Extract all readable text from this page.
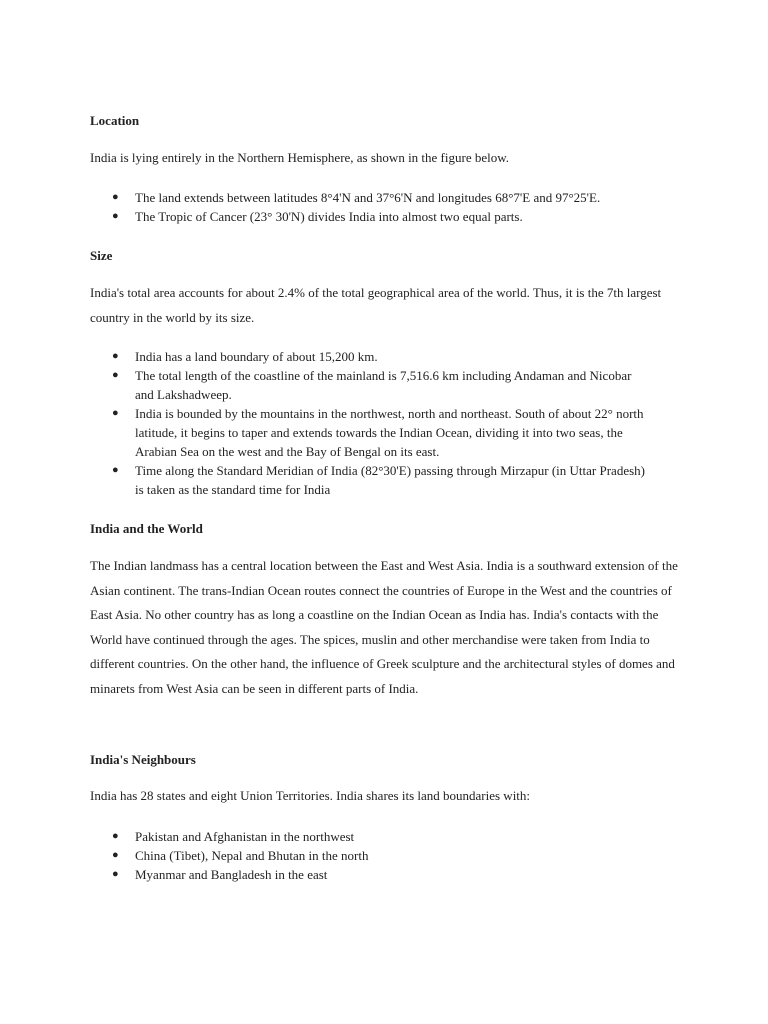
Location
India is lying entirely in the Northern Hemisphere, as shown in the figure below.
● The land extends between latitudes 8°4'N and 37°6'N and longitudes 68°7'E and 97°25'E.
● The Tropic of Cancer (23° 30'N) divides India into almost two equal parts.
Size
India's total area accounts for about 2.4% of the total geographical area of the world. Thus, it is the 7th largest country in the world by its size.
● India has a land boundary of about 15,200 km.
● The total length of the coastline of the mainland is 7,516.6 km including Andaman and Nicobar and Lakshadweep.
● India is bounded by the mountains in the northwest, north and northeast. South of about 22° north latitude, it begins to taper and extends towards the Indian Ocean, dividing it into two seas, the Arabian Sea on the west and the Bay of Bengal on its east.
● Time along the Standard Meridian of India (82°30'E) passing through Mirzapur (in Uttar Pradesh) is taken as the standard time for India
India and the World
The Indian landmass has a central location between the East and West Asia. India is a southward extension of the Asian continent. The trans-Indian Ocean routes connect the countries of Europe in the West and the countries of East Asia. No other country has as long a coastline on the Indian Ocean as India has. India's contacts with the World have continued through the ages. The spices, muslin and other merchandise were taken from India to different countries. On the other hand, the influence of Greek sculpture and the architectural styles of domes and minarets from West Asia can be seen in different parts of India.
India's Neighbours
India has 28 states and eight Union Territories. India shares its land boundaries with:
● Pakistan and Afghanistan in the northwest
● China (Tibet), Nepal and Bhutan in the north
● Myanmar and Bangladesh in the east
